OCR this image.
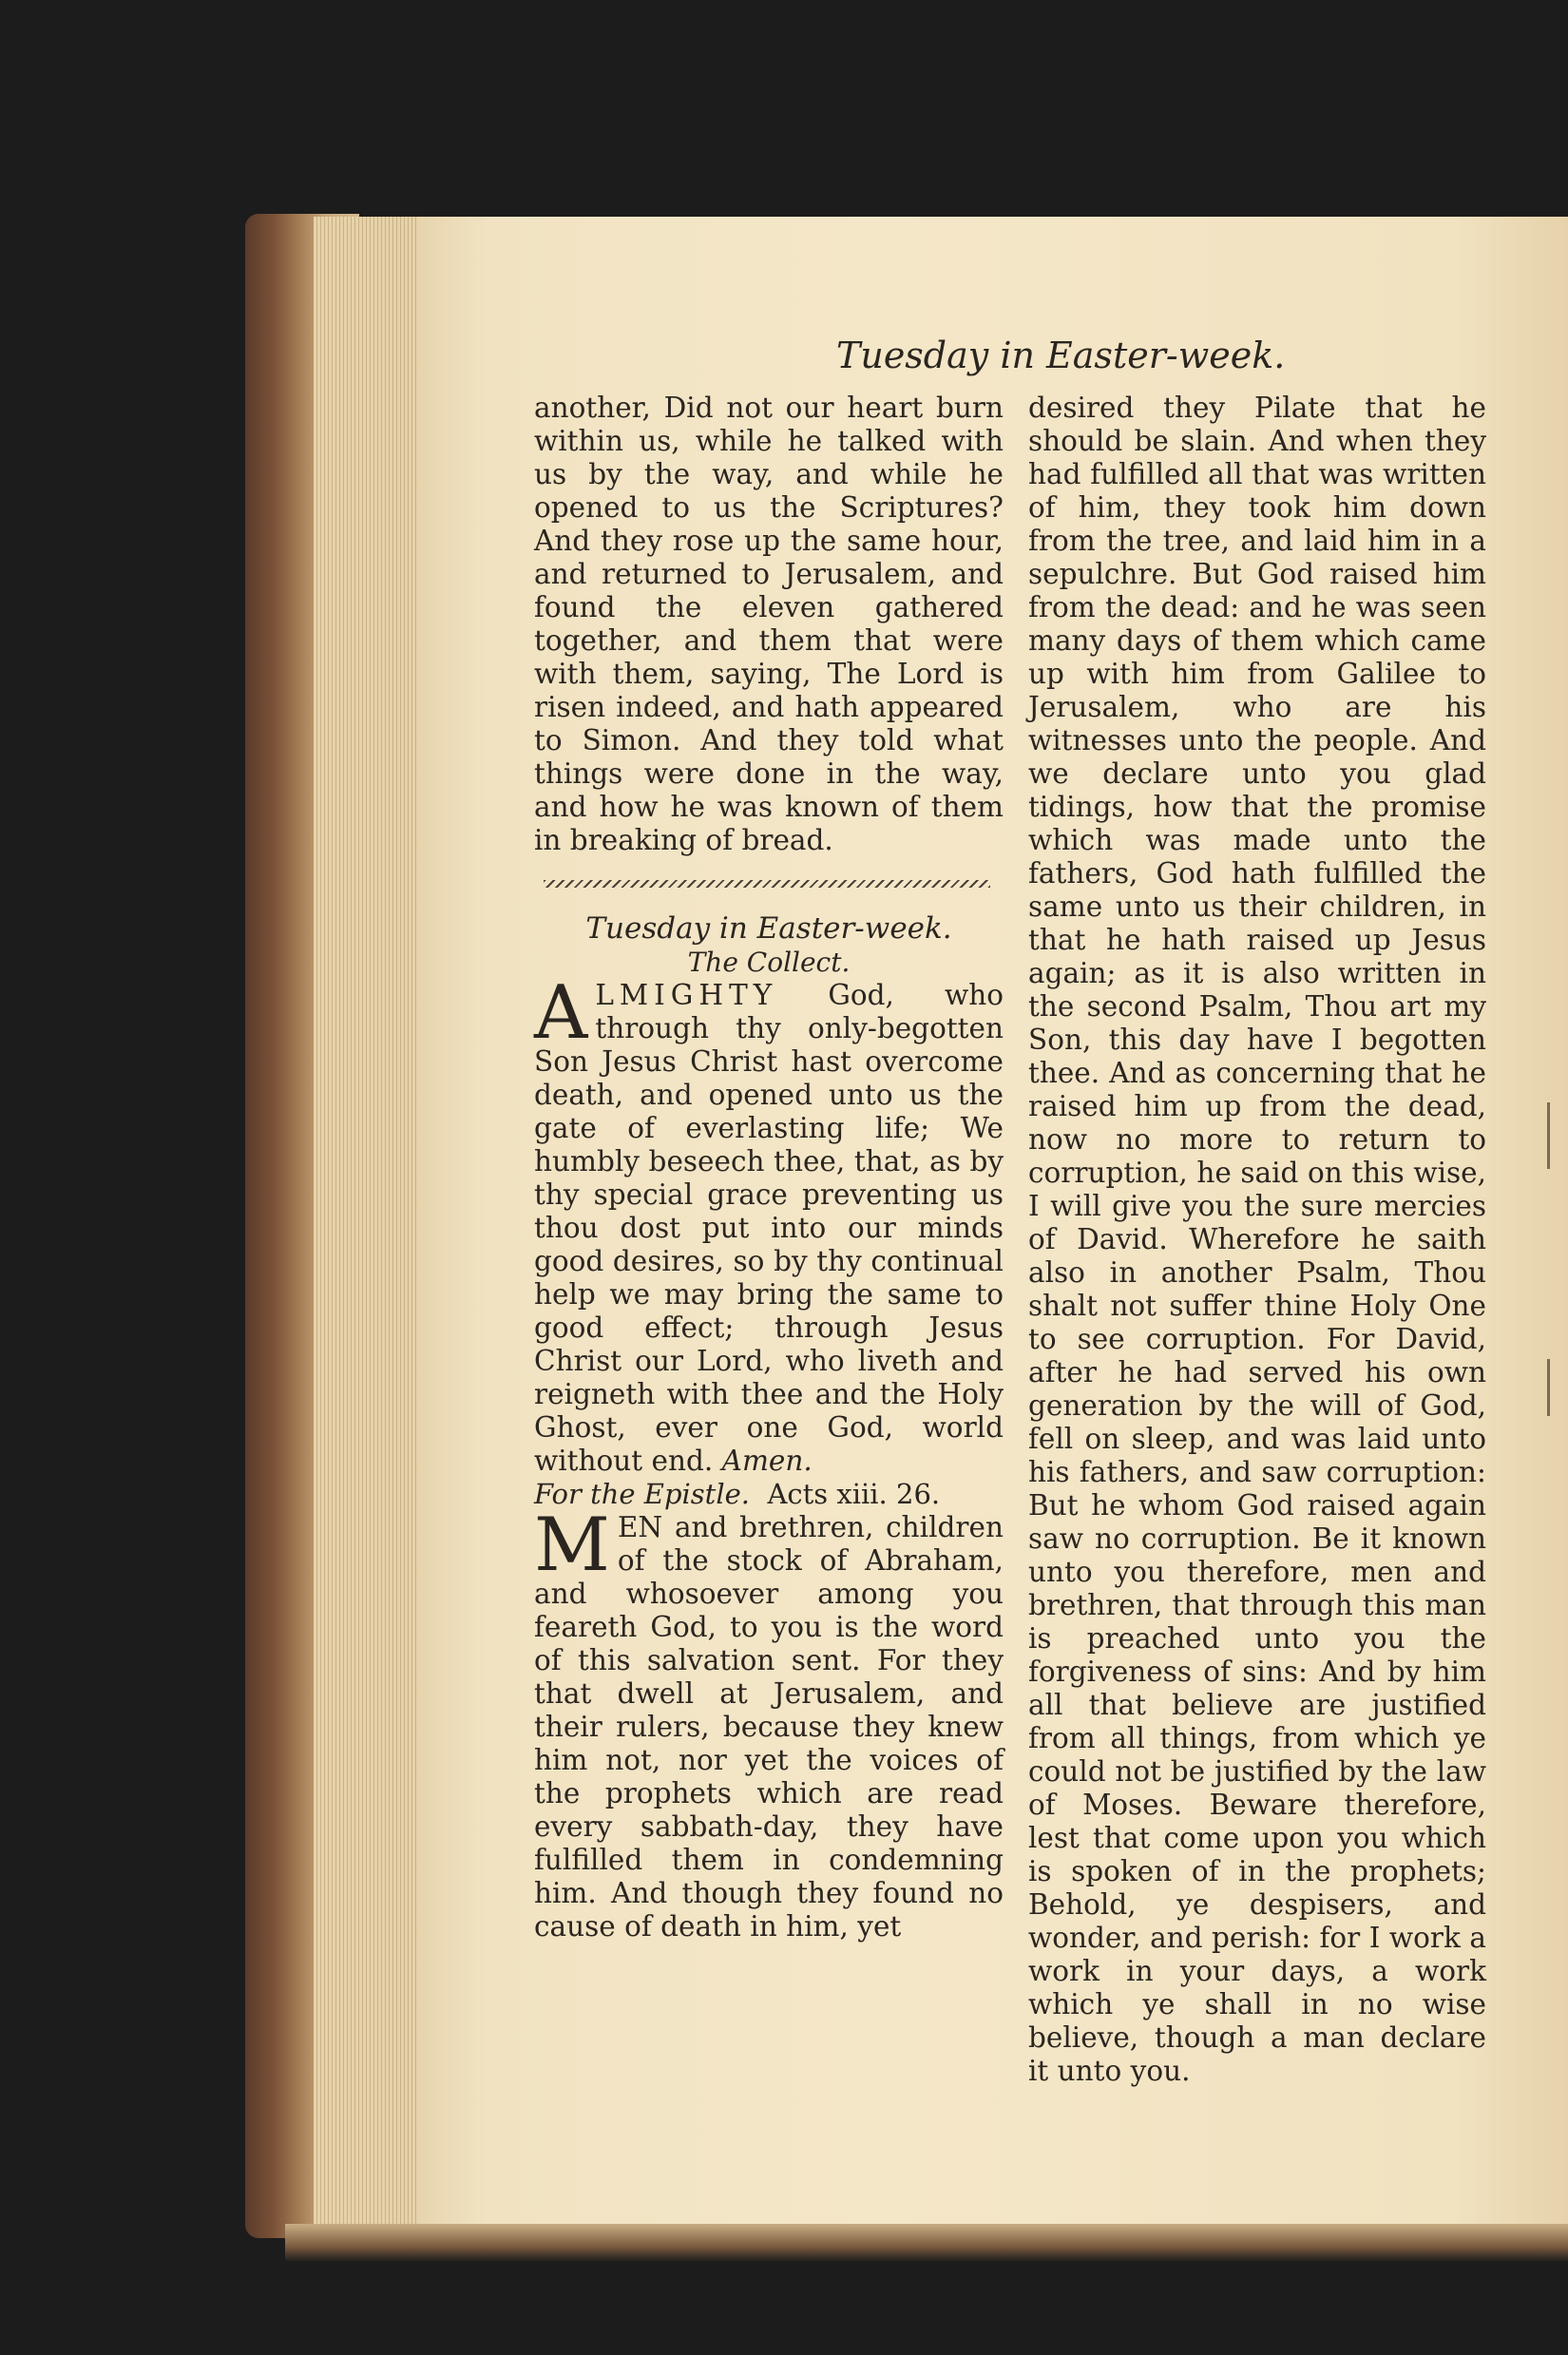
Tuesday in Easter-week.

another, Did not our heart burn within us, while he talked with us by the way, and while he opened to us the Scriptures? And they rose up the same hour, and returned to Jerusalem, and found the eleven gathered together, and them that were with them, saying, The Lord is risen indeed, and hath appeared to Simon. And they told what things were done in the way, and how he was known of them in breaking of bread.

Tuesday in Easter-week.

The Collect.

ALMIGHTY God, who through thy only-begotten Son Jesus Christ hast overcome death, and opened unto us the gate of everlasting life; We humbly beseech thee, that, as by thy special grace preventing us thou dost put into our minds good desires, so by thy continual help we may bring the same to good effect; through Jesus Christ our Lord, who liveth and reigneth with thee and the Holy Ghost, ever one God, world without end. Amen.

For the Epistle. Acts xiii. 26.

MEN and brethren, children of the stock of Abraham, and whosoever among you feareth God, to you is the word of this salvation sent. For they that dwell at Jerusalem, and their rulers, because they knew him not, nor yet the voices of the prophets which are read every sabbath-day, they have fulfilled them in condemning him. And though they found no cause of death in him, yet

desired they Pilate that he should be slain. And when they had fulfilled all that was written of him, they took him down from the tree, and laid him in a sepulchre. But God raised him from the dead: and he was seen many days of them which came up with him from Galilee to Jerusalem, who are his witnesses unto the people. And we declare unto you glad tidings, how that the promise which was made unto the fathers, God hath fulfilled the same unto us their children, in that he hath raised up Jesus again; as it is also written in the second Psalm, Thou art my Son, this day have I begotten thee. And as concerning that he raised him up from the dead, now no more to return to corruption, he said on this wise, I will give you the sure mercies of David. Wherefore he saith also in another Psalm, Thou shalt not suffer thine Holy One to see corruption. For David, after he had served his own generation by the will of God, fell on sleep, and was laid unto his fathers, and saw corruption: But he whom God raised again saw no corruption. Be it known unto you therefore, men and brethren, that through this man is preached unto you the forgiveness of sins: And by him all that believe are justified from all things, from which ye could not be justified by the law of Moses. Beware therefore, lest that come upon you which is spoken of in the prophets; Behold, ye despisers, and wonder, and perish: for I work a work in your days, a work which ye shall in no wise believe, though a man declare it unto you.
